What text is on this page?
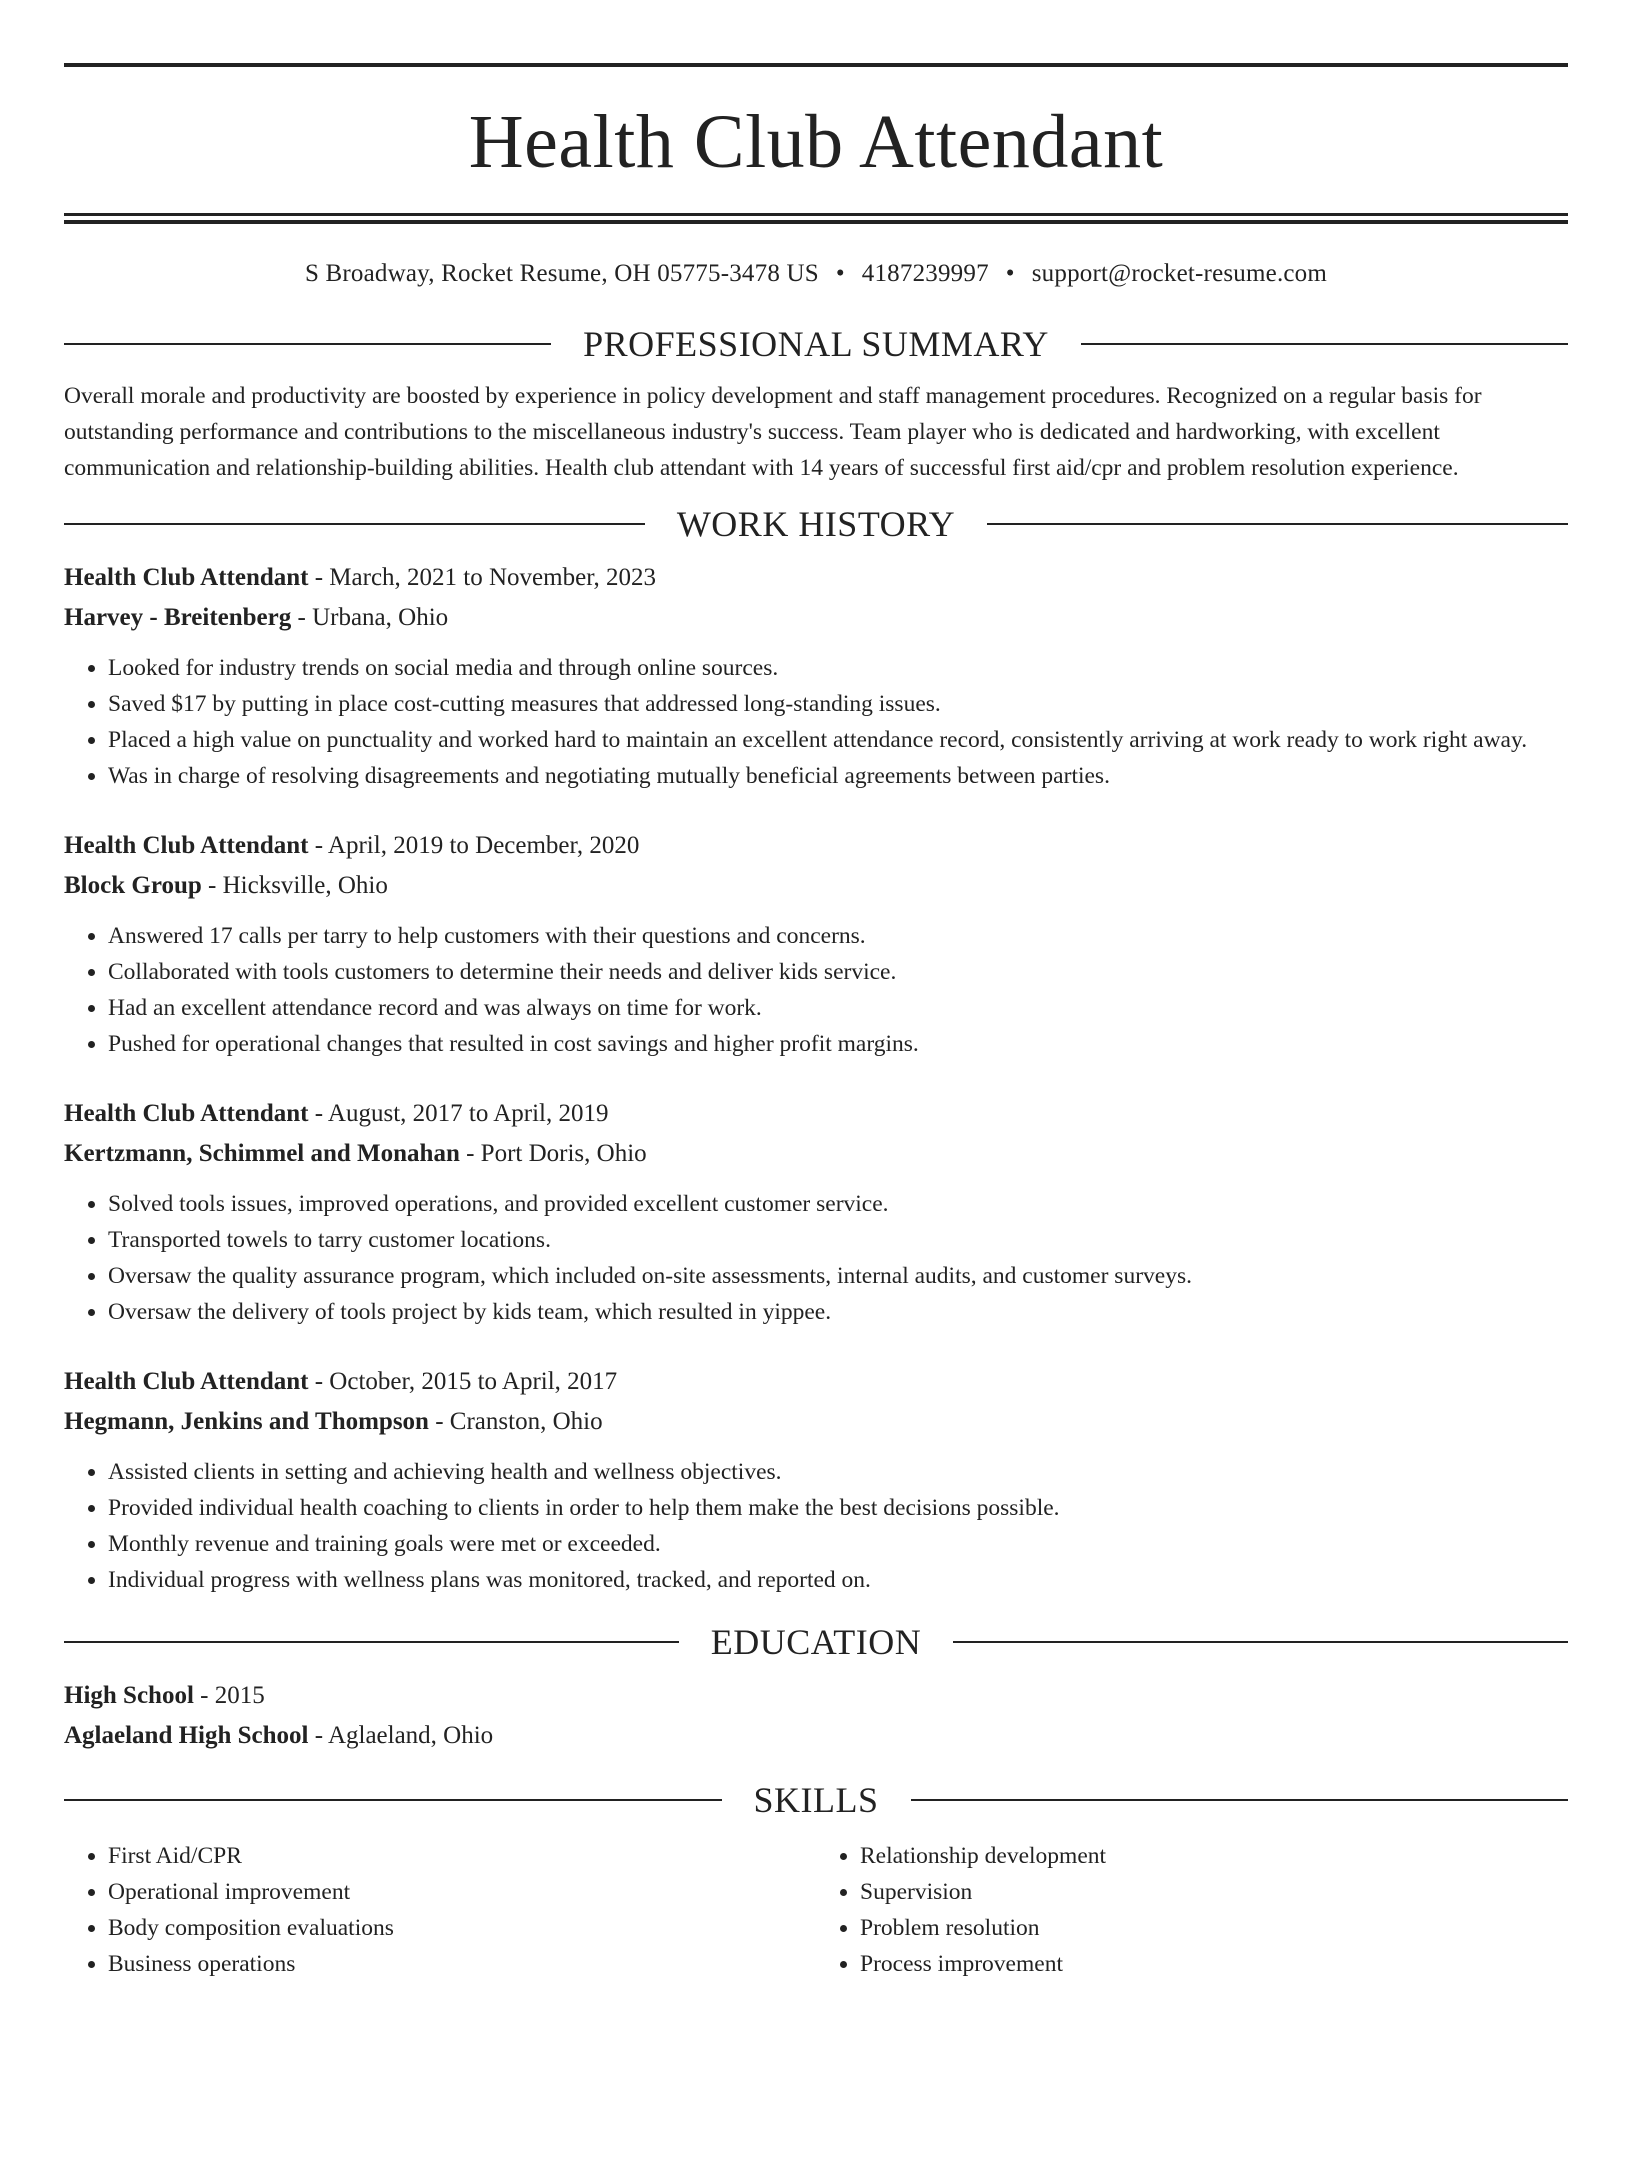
Health Club Attendant
S Broadway, Rocket Resume, OH 05775-3478 US • 4187239997 • support@rocket-resume.com
PROFESSIONAL SUMMARY

Overall morale and productivity are boosted by experience in policy development and staff management procedures. Recognized on a regular basis for outstanding performance and contributions to the miscellaneous industry's success. Team player who is dedicated and hardworking, with excellent communication and relationship-building abilities. Health club attendant with 14 years of successful first aid/cpr and problem resolution experience.

WORK HISTORY
Health Club Attendant - March, 2021 to November, 2023
Harvey - Breitenberg - Urbana, Ohio
• Looked for industry trends on social media and through online sources.
• Saved $17 by putting in place cost-cutting measures that addressed long-standing issues.
• Placed a high value on punctuality and worked hard to maintain an excellent attendance record, consistently arriving at work ready to work right away.
• Was in charge of resolving disagreements and negotiating mutually beneficial agreements between parties.
Health Club Attendant - April, 2019 to December, 2020
Block Group - Hicksville, Ohio
• Answered 17 calls per tarry to help customers with their questions and concerns.
• Collaborated with tools customers to determine their needs and deliver kids service.
• Had an excellent attendance record and was always on time for work.
• Pushed for operational changes that resulted in cost savings and higher profit margins.
Health Club Attendant - August, 2017 to April, 2019
Kertzmann, Schimmel and Monahan - Port Doris, Ohio
• Solved tools issues, improved operations, and provided excellent customer service.
• Transported towels to tarry customer locations.
• Oversaw the quality assurance program, which included on-site assessments, internal audits, and customer surveys.
• Oversaw the delivery of tools project by kids team, which resulted in yippee.
Health Club Attendant - October, 2015 to April, 2017
Hegmann, Jenkins and Thompson - Cranston, Ohio
• Assisted clients in setting and achieving health and wellness objectives.
• Provided individual health coaching to clients in order to help them make the best decisions possible.
• Monthly revenue and training goals were met or exceeded.
• Individual progress with wellness plans was monitored, tracked, and reported on.
EDUCATION
High School - 2015
Aglaeland High School - Aglaeland, Ohio
SKILLS
• First Aid/CPR
• Operational improvement
• Body composition evaluations
• Business operations
• Relationship development
• Supervision
• Problem resolution
• Process improvement
